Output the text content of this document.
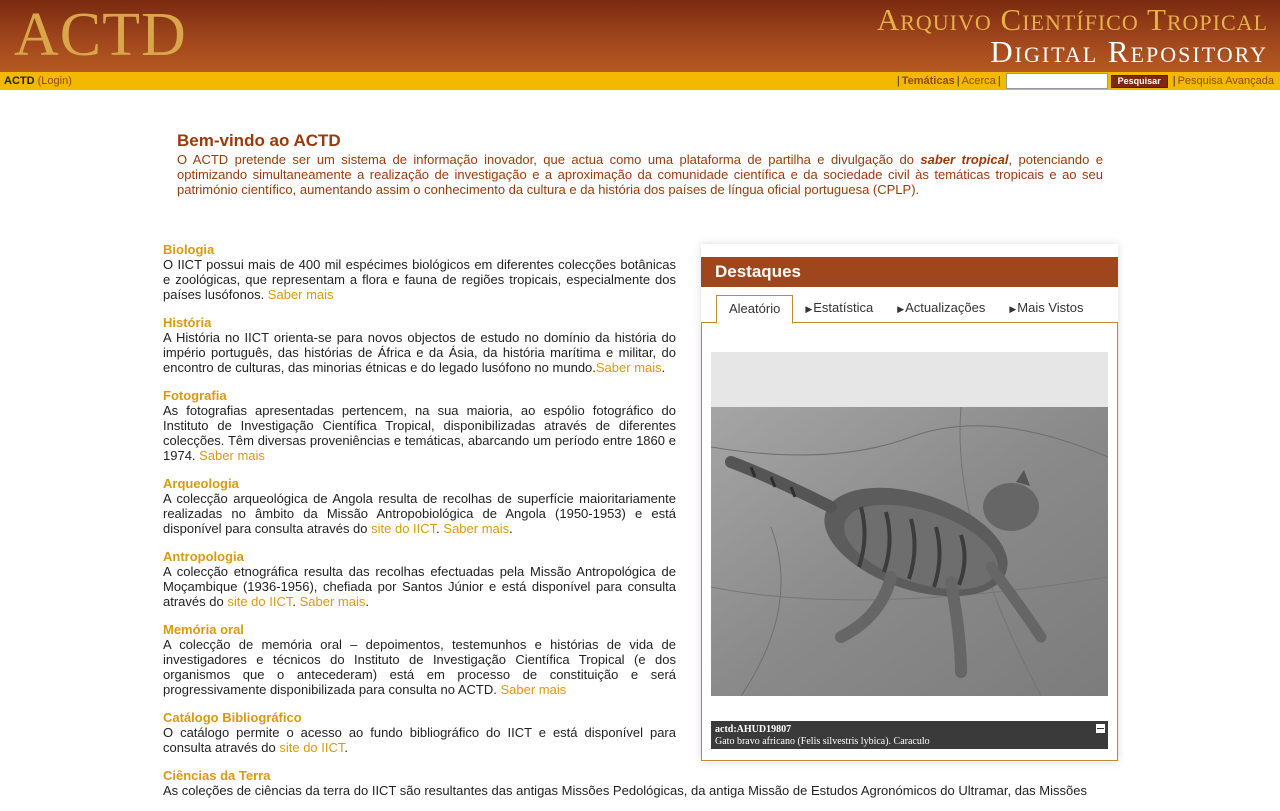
ACTD	Arquivo Científico Tropical
Digital Repository
ACTD (Login)	| Temáticas | Acerca |	Pesquisar	| Pesquisa Avançada
Bem-vindo ao ACTD

O ACTD pretende ser um sistema de informação inovador, que actua como uma plataforma de partilha e divulgação do saber tropical, potenciando e optimizando simultaneamente a realização de investigação e a aproximação da comunidade científica e da sociedade civil às temáticas tropicais e ao seu património científico, aumentando assim o conhecimento da cultura e da história dos países de língua oficial portuguesa (CPLP).

Biologia

O IICT possui mais de 400 mil espécimes biológicos em diferentes colecções botânicas e zoológicas, que representam a flora e fauna de regiões tropicais, especialmente dos países lusófonos. Saber mais

História

A História no IICT orienta-se para novos objectos de estudo no domínio da história do império português, das histórias de África e da Ásia, da história marítima e militar, do encontro de culturas, das minorias étnicas e do legado lusófono no mundo.Saber mais.

Fotografia

As fotografias apresentadas pertencem, na sua maioria, ao espólio fotográfico do Instituto de Investigação Científica Tropical, disponibilizadas através de diferentes colecções. Têm diversas proveniências e temáticas, abarcando um período entre 1860 e 1974. Saber mais

Arqueologia

A colecção arqueológica de Angola resulta de recolhas de superfície maioritariamente realizadas no âmbito da Missão Antropobiológica de Angola (1950-1953) e está disponível para consulta através do site do IICT. Saber mais.

Antropologia

A colecção etnográfica resulta das recolhas efectuadas pela Missão Antropológica de Moçambique (1936-1956), chefiada por Santos Júnior e está disponível para consulta através do site do IICT. Saber mais.

Memória oral

A colecção de memória oral – depoimentos, testemunhos e histórias de vida de investigadores e técnicos do Instituto de Investigação Científica Tropical (e dos organismos que o antecederam) está em processo de constituição e será progressivamente disponibilizada para consulta no ACTD. Saber mais

Catálogo Bibliográfico

O catálogo permite o acesso ao fundo bibliográfico do IICT e está disponível para consulta através do site do IICT.

Ciências da Terra

As coleções de ciências da terra do IICT são resultantes das antigas Missões Pedológicas, da antiga Missão de Estudos Agronómicos do Ultramar, das Missões

Destaques
actd:AHUD19807
Gato bravo africano (Felis silvestris lybica). Caraculo
Aleatório	▶Estatística	▶Actualizações	▶Mais Vistos
